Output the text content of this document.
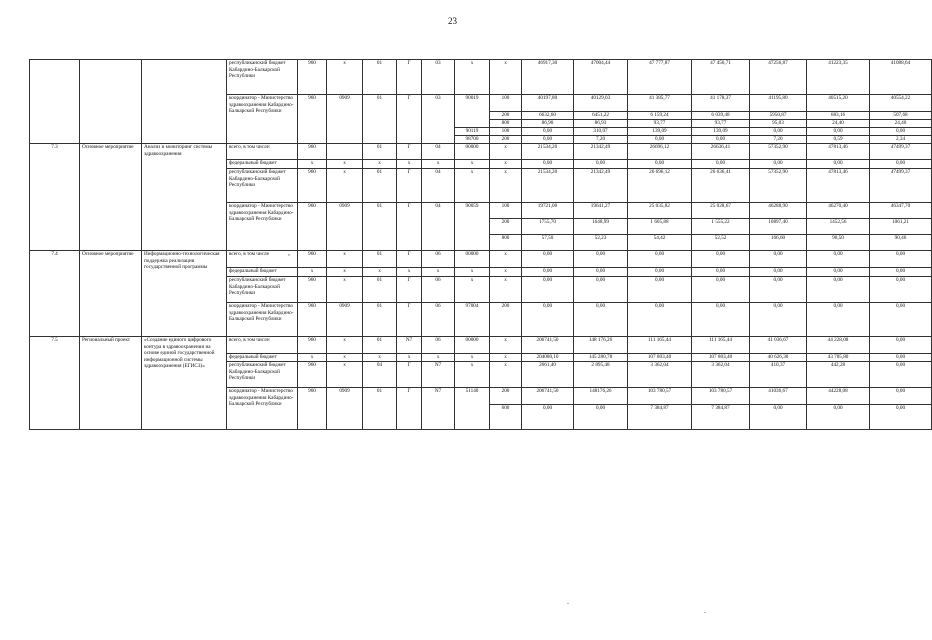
23
			республиканский бюджет Кабардино-Балкарской Республики	960	х	01	Г	03	х	х	46917,30	47004,44	47 777,87	47 450,71	47256,87	41223,35	41088,64
			координатор - Министерство здравоохранения Кабардино-Балкарской Республики	960	0909	01	Г	03	90019	100	40197,80	40129,03	41 385,77	41 178,37	41195,80	40515,20	40554,22
										200	6632,60	6451,22	6 159,24	6 039,48	5950,87	683,16	507,68
										800	86,90	86,93	93,77	93,77	95,03	24,40	24,40
									90119	100	0,00	310,07	139,09	139,09	0,00	0,00	0,00
									98700	200	0,00	7,20	0,00	0,00	7,20	0,59	2,34
7.3	Основное мероприятие	Анализ и мониторинг системы здравоохранения	всего, в том числе:	960		01	Г	04	00000	х	21534,20	21342,49	26696,12	26636,41	57352,90	47813,46	47499,37
			федеральный бюджет	х	х	х	х	х	х	х	0,00	0,00	0,00	0,00	0,00	0,00	0,00
			республиканский бюджет Кабардино-Балкарской Республики	960	х	01	Г	04	х	х	21534,20	21342,49	26 696,12	26 636,41	57352,90	47813,46	47499,37
			координатор - Министерство здравоохранения Кабардино-Балкарской Республики	960	0909	01	Г	04	90059	100	19721,00	19641,27	25 035,82	25 028,67	46288,90	46270,40	46347,70
										200	1755,70	1648,99	1 605,88	1 555,22	10897,40	1452,56	1061,21
										800	57,50	52,23	54,42	52,52	166,60	90,50	90,46
7.4	Основное мероприятие	Информационно-технологическая поддержка реализации государственной программы	всего, в том числе	960	х	01	Г	06	00000	х	0,00	0,00	0,00	0,00	0,00	0,00	0,00
			федеральный бюджет	х	х	х	х	х	х	х	0,00	0,00	0,00	0,00	0,00	0,00	0,00
			республиканский бюджет Кабардино-Балкарской Республики	960	х	01	Г	06	х	х	0,00	0,00	0,00	0,00	0,00	0,00	0,00
			координатор - Министерство здравоохранения Кабардино-Балкарской Республики	960	0909	01	Г	06	97004	200	0,00	0,00	0,00	0,00	0,00	0,00	0,00
7.5	Региональный проект	«Создание единого цифрового контура в здравоохранении на основе единой государственной информационной системы здравоохранения (ЕГИСЗ)»	всего, в том числе:	960	х	01	N7	06	00000	х	206741,50	148 176,26	111 165,44	111 165,44	41 036,67	44 228,08	0,00
			федеральный бюджет	х	х	х	х	х	х	х	204080,10	145 280,78	107 803,40	107 803,40	40 626,30	43 785,80	0,00
			республиканский бюджет Кабардино-Балкарской Республики	960	х	04	Г	N7	х	х	2661,40	2 895,48	3 362,04	3 362,04	410,37	442,28	0,00
			координатор - Министерство здравоохранения Кабардино-Балкарской Республики	960	0909	01	Г	N7	51140	200	206741,50	148176,26	103 780,57	103 780,57	41036,67	44228,08	0,00
										600	0,00	0,00	7 384,87	7 384,87	0,00	0,00	0,00
,
.
.
